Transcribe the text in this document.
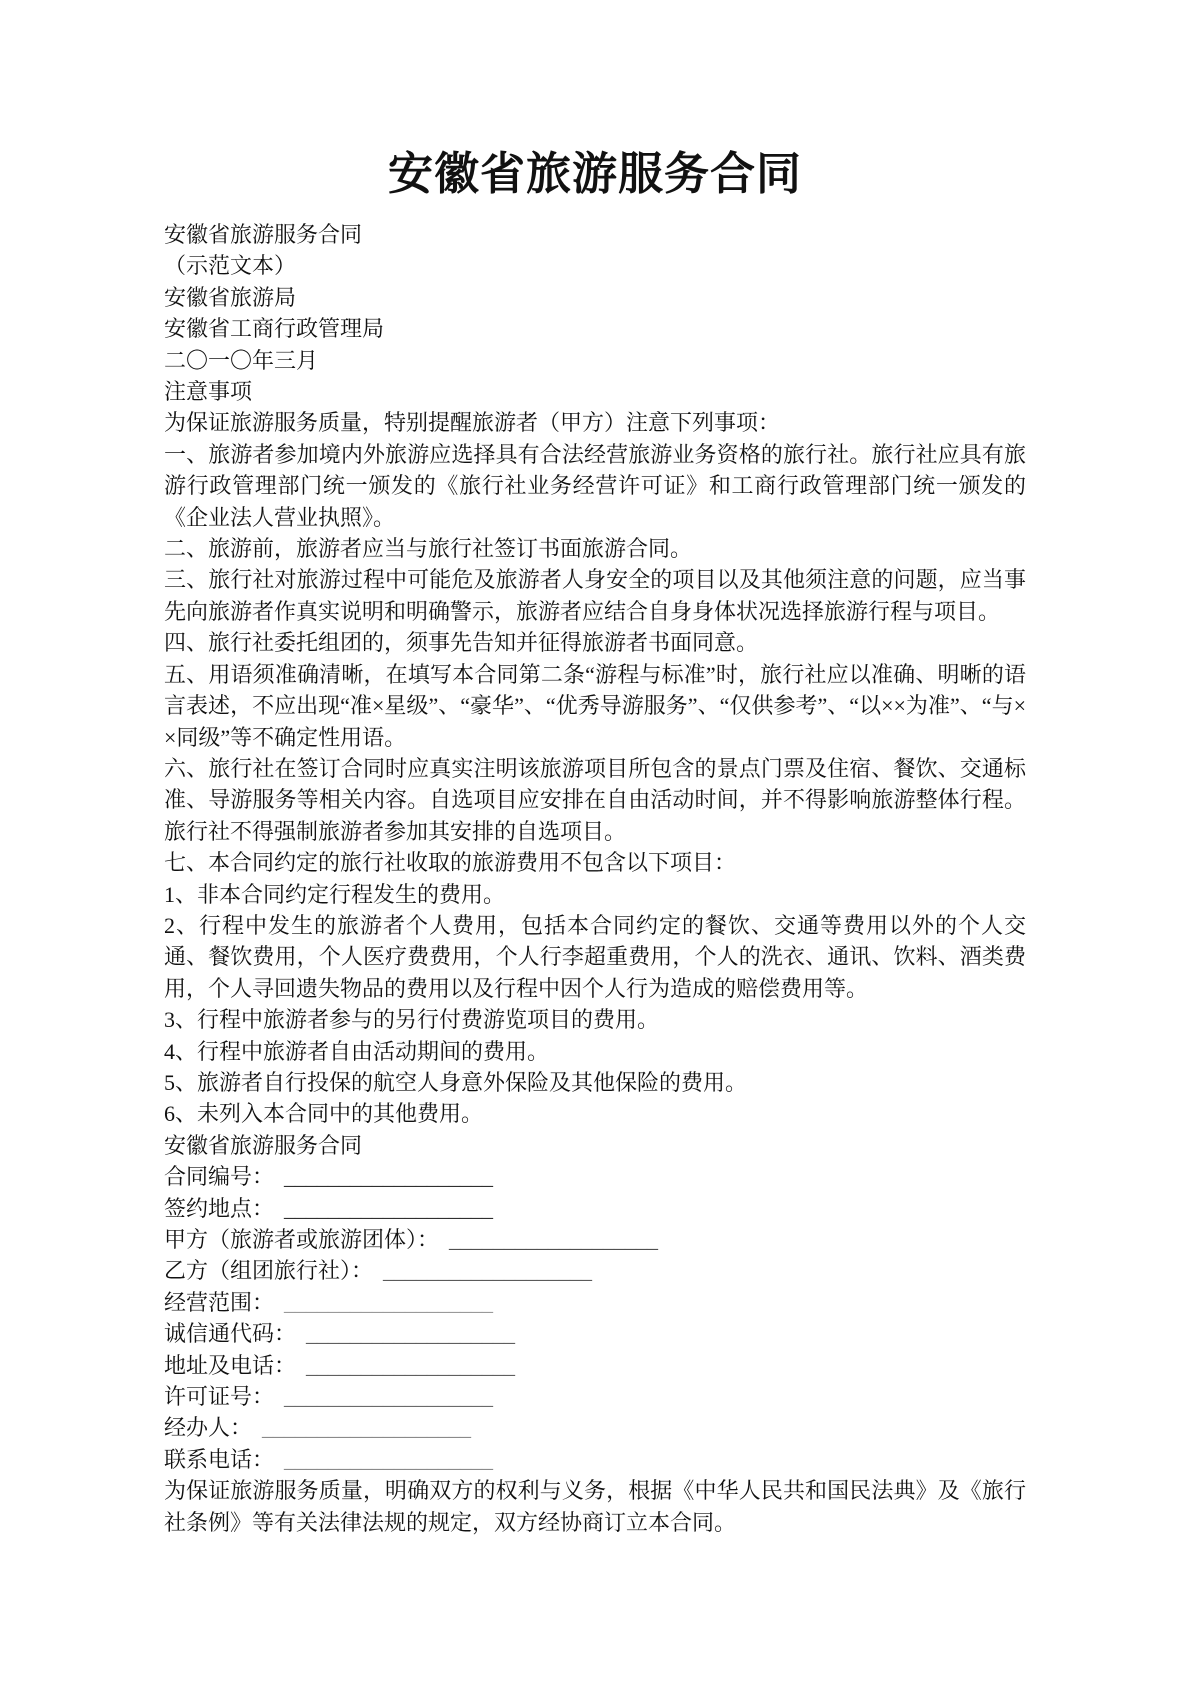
安徽省旅游服务合同

安徽省旅游服务合同

（示范文本）

安徽省旅游局

安徽省工商行政管理局

二〇一〇年三月

注意事项

为保证旅游服务质量，特别提醒旅游者（甲方）注意下列事项：

一、旅游者参加境内外旅游应选择具有合法经营旅游业务资格的旅行社。旅行社应具有旅游行政管理部门统一颁发的《旅行社业务经营许可证》和工商行政管理部门统一颁发的《企业法人营业执照》。

二、旅游前，旅游者应当与旅行社签订书面旅游合同。

三、旅行社对旅游过程中可能危及旅游者人身安全的项目以及其他须注意的问题，应当事先向旅游者作真实说明和明确警示，旅游者应结合自身身体状况选择旅游行程与项目。

四、旅行社委托组团的，须事先告知并征得旅游者书面同意。

五、用语须准确清晰，在填写本合同第二条“游程与标准”时，旅行社应以准确、明晰的语言表述，不应出现“准×星级”、“豪华”、“优秀导游服务”、“仅供参考”、“以××为准”、“与××同级”等不确定性用语。

六、旅行社在签订合同时应真实注明该旅游项目所包含的景点门票及住宿、餐饮、交通标准、导游服务等相关内容。自选项目应安排在自由活动时间，并不得影响旅游整体行程。旅行社不得强制旅游者参加其安排的自选项目。

七、本合同约定的旅行社收取的旅游费用不包含以下项目：

1、非本合同约定行程发生的费用。

2、行程中发生的旅游者个人费用，包括本合同约定的餐饮、交通等费用以外的个人交通、餐饮费用，个人医疗费费用，个人行李超重费用，个人的洗衣、通讯、饮料、酒类费用，个人寻回遗失物品的费用以及行程中因个人行为造成的赔偿费用等。

3、行程中旅游者参与的另行付费游览项目的费用。

4、行程中旅游者自由活动期间的费用。

5、旅游者自行投保的航空人身意外保险及其他保险的费用。

6、未列入本合同中的其他费用。

安徽省旅游服务合同

合同编号： ___________________

签约地点： ___________________

甲方（旅游者或旅游团体）： ___________________

乙方（组团旅行社）： ___________________

经营范围： ___________________

诚信通代码： ___________________

地址及电话： ___________________

许可证号： ___________________

经办人： ___________________

联系电话： ___________________

为保证旅游服务质量，明确双方的权利与义务，根据《中华人民共和国民法典》及《旅行社条例》等有关法律法规的规定，双方经协商订立本合同。
